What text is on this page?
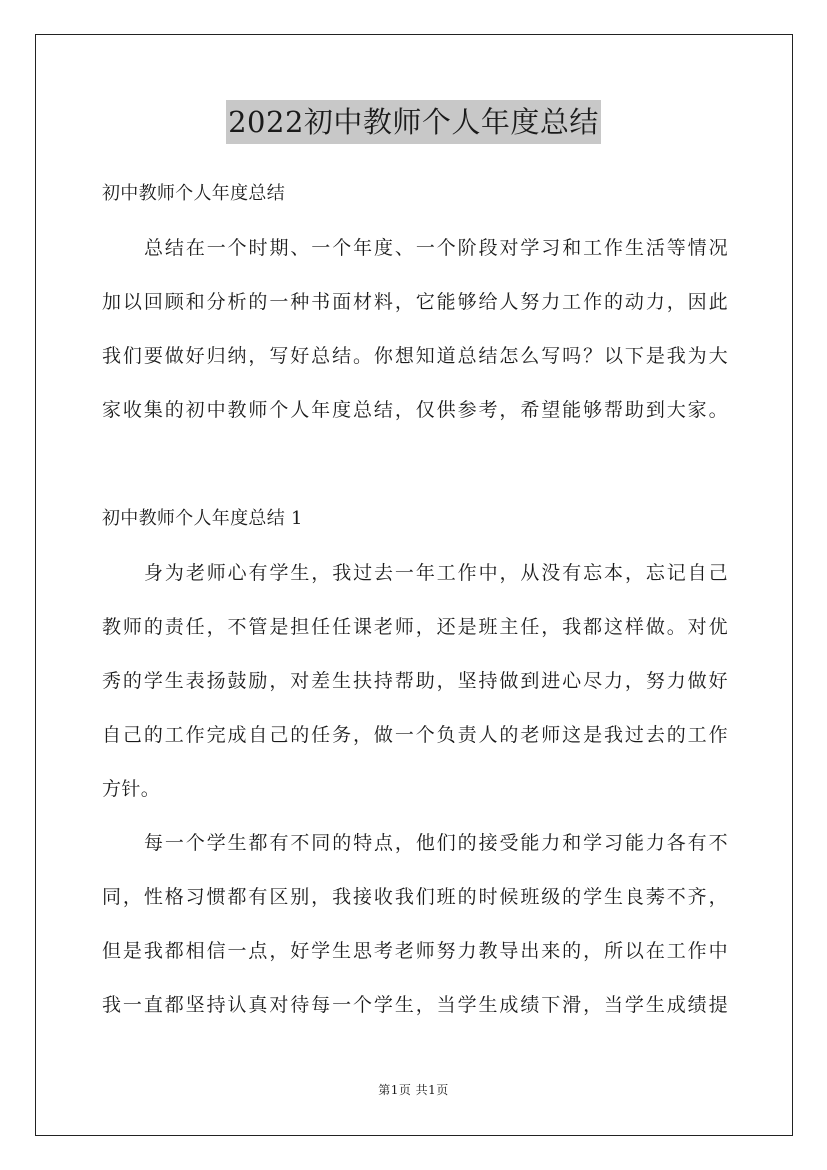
2022初中教师个人年度总结
初中教师个人年度总结
总结在一个时期、一个年度、一个阶段对学习和工作生活等情况
加以回顾和分析的一种书面材料，它能够给人努力工作的动力，因此
我们要做好归纳，写好总结。你想知道总结怎么写吗？以下是我为大
家收集的初中教师个人年度总结，仅供参考，希望能够帮助到大家。
初中教师个人年度总结 1
身为老师心有学生，我过去一年工作中，从没有忘本，忘记自己
教师的责任，不管是担任任课老师，还是班主任，我都这样做。对优
秀的学生表扬鼓励，对差生扶持帮助，坚持做到进心尽力，努力做好
自己的工作完成自己的任务，做一个负责人的老师这是我过去的工作
方针。
每一个学生都有不同的特点，他们的接受能力和学习能力各有不
同，性格习惯都有区别，我接收我们班的时候班级的学生良莠不齐，
但是我都相信一点，好学生思考老师努力教导出来的，所以在工作中
我一直都坚持认真对待每一个学生，当学生成绩下滑，当学生成绩提
第1页 共1页
